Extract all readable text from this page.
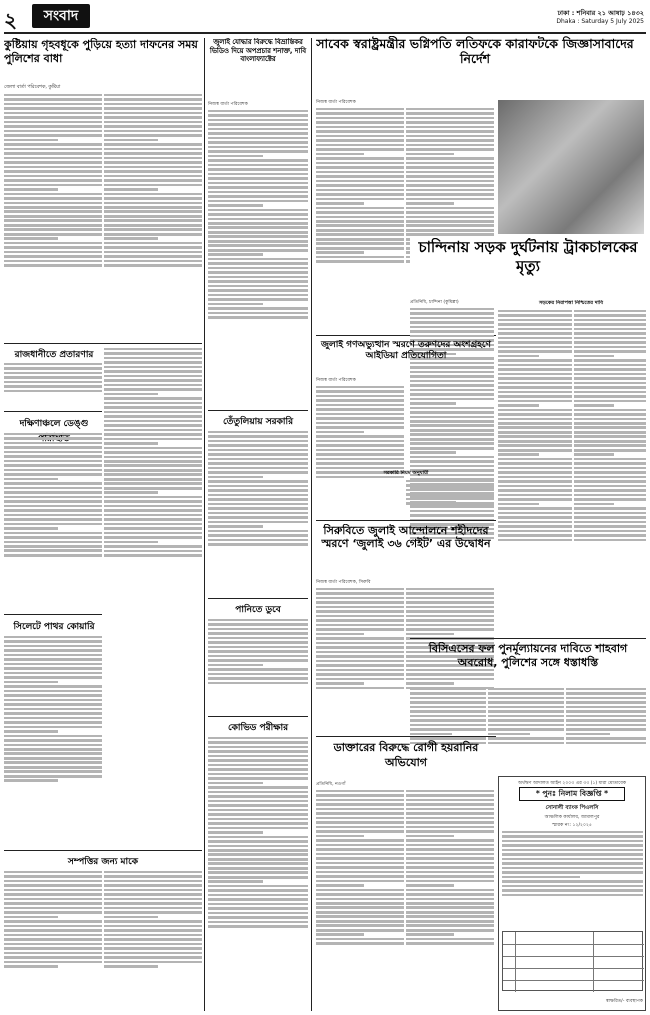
২	সংবাদ	ঢাকা : শনিবার ২১ আষাঢ় ১৪৩২
Dhaka : Saturday 5 July 2025
কুষ্টিয়ায় গৃহবধূকে পুড়িয়ে হত্যা দাফনের সময় পুলিশের বাধা
জেলা বার্তা পরিবেশক, কুষ্টিয়া
রাজধানীতে প্রতারণার
দক্ষিণাঞ্চলে ডেঙ্গু
সিলেটে পাথর কোয়ারি
সম্পত্তির জন্য মাকে
জুলাই যোদ্ধার বিরুদ্ধে বিভ্রান্তিকর ভিডিও দিয়ে অপপ্রচার শনাক্ত, দাবি বাংলাফ্যাক্টের
নিজস্ব বার্তা পরিবেশক
তেঁতুলিয়ায় সরকারি
পানিতে ডুবে
কোভিড পরীক্ষার
সাবেক স্বরাষ্ট্রমন্ত্রীর ভগ্নিপতি লতিফকে কারাফটকে জিজ্ঞাসাবাদের নির্দেশ
নিজস্ব বার্তা পরিবেশক
চান্দিনায় সড়ক দুর্ঘটনায় ট্রাকচালকের মৃত্যু
প্রতিনিধি, চান্দিনা (কুমিল্লা)	সড়কের নিরাপত্তা নিশ্চিতের দাবি
জুলাই গণঅভ্যুত্থান স্মরণে তরুণদের অংশগ্রহণে আইডিয়া প্রতিযোগিতা
নিজস্ব বার্তা পরিবেশক
সরকারি নিয়ম অনুযায়ী
সিরুবিতে জুলাই আন্দোলনে শহীদদের স্মরণে ‘জুলাই ৩৬ গেইট’ এর উদ্বোধন
নিজস্ব বার্তা পরিবেশক, সিরুবি
বিসিএসের ফল পুনর্মূল্যায়নের দাবিতে শাহবাগ অবরোধ, পুলিশের সঙ্গে ধস্তাধস্তি
ডাক্তারের বিরুদ্ধে রোগী হয়রানির অভিযোগ
প্রতিনিধি, নওগাঁ	অর্থঋণ আদালত আইন ২০০৩ এর ৩৩ (১) ধারা মোতাবেক
* পুনঃ নিলাম বিজ্ঞপ্তি *
সোনালী ব্যাংক পিএলসি
আঞ্চলিক কার্যালয়, জামালপুর
স্মারক নং: ১২/২০২৫
স্বাক্ষরিত/- ব্যবস্থাপক
